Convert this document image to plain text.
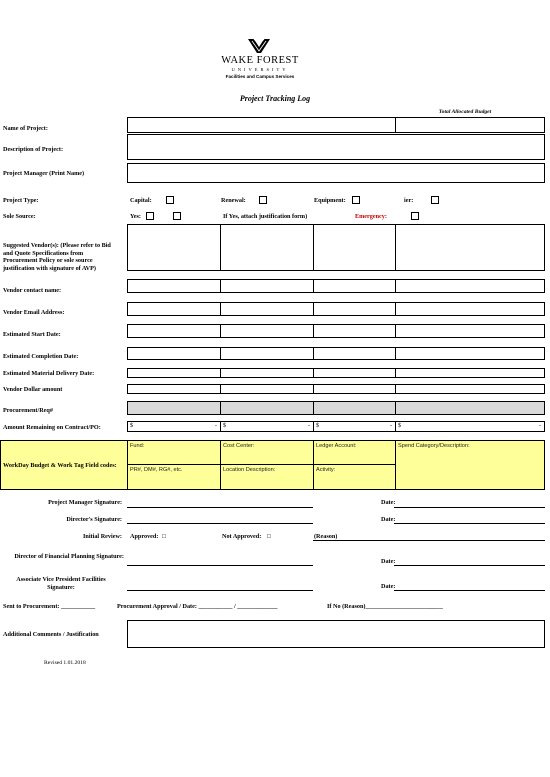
WAKE FOREST
UNIVERSITY
Facilities and Campus Services
Project Tracking Log
Total Allocated Budget
Name of Project:
Description of Project:
Project Manager (Print Name)
Project Type:	Capital:	Renewal:	Equipment:	ier:
Sole Source:	Yes:	If Yes, attach justification form)	Emergency:
Suggested Vendor(s): (Please refer to Bid and Quote Specifications from Procurement Policy or sole source justification with signature of AVP)
Vendor contact name:
Vendor Email Address:
Estimated Start Date:
Estimated Completion Date:
Estimated Material Delivery Date:
Vendor Dollar amount
Procurement/Req#
Amount Remaining on Contract/PO:	$	- $	- $	- $	-
WorkDay Budget & Work Tag Field codes:
Fund:	Cost Center:	Ledger Account:	Spend Category/Description:
PR#, DM#, RG#, etc.	Location Description:	Activity:
Project Manager Signature:	Date:
Director's Signature:	Date:
Initial Review: Approved: □	Not Approved: □	(Reason)
Director of Financial Planning Signature:
Date:
Associate Vice President Facilities Signature:	Date:
Sent to Procurement: ___________	Procurement Approval / Date: ___________ / _____________	If No (Reason)_________________________
Additional Comments / Justification
Revised 1.01.2018
